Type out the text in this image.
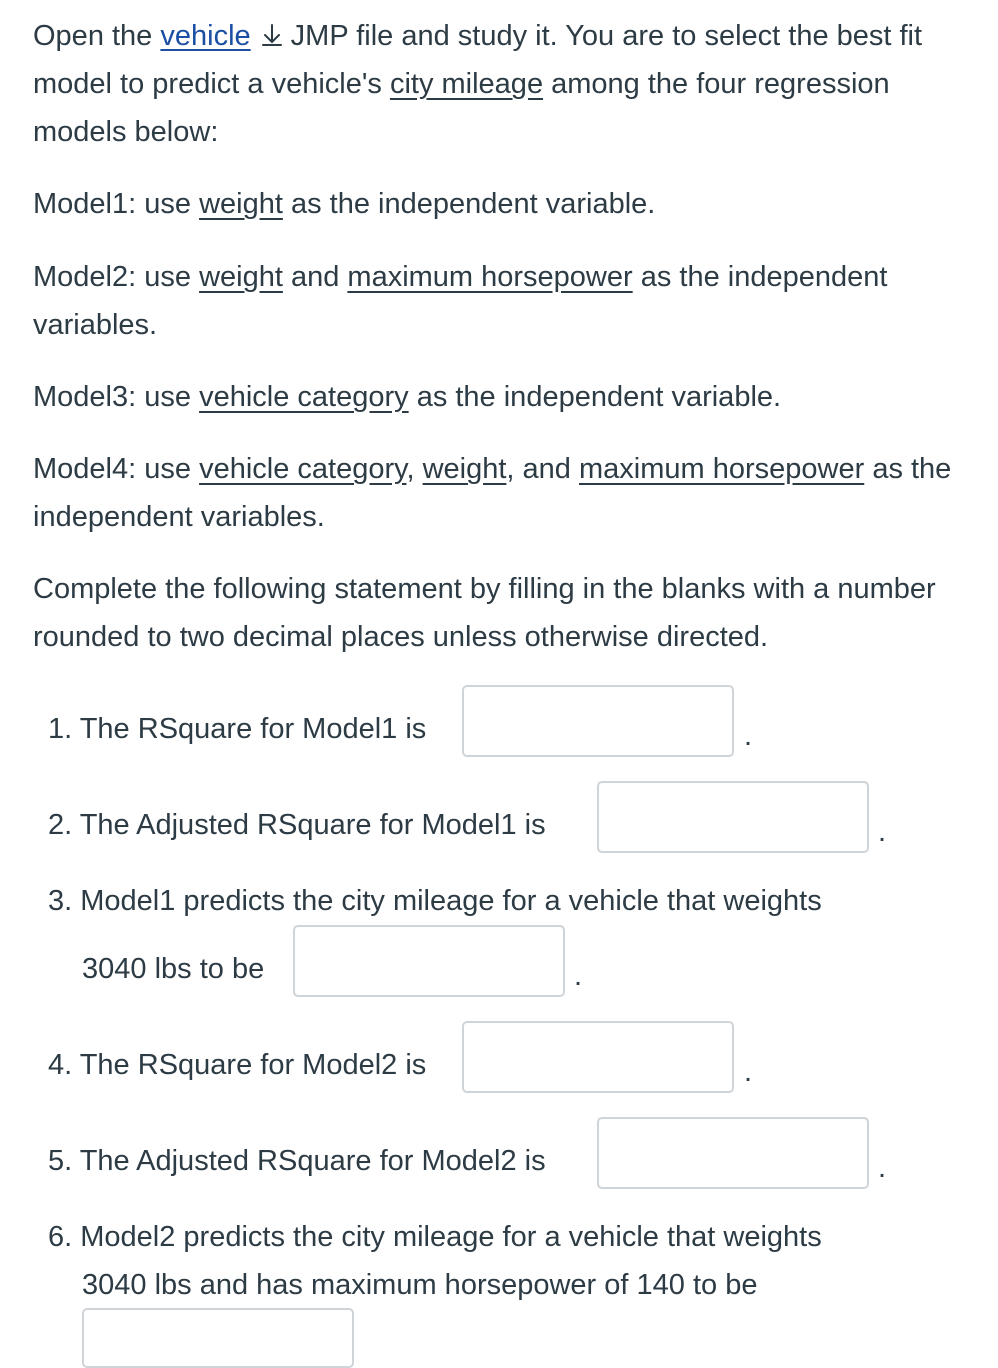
Open the vehicle JMP file and study it. You are to select the best fit model to predict a vehicle's city mileage among the four regression models below:

Model1: use weight as the independent variable.

Model2: use weight and maximum horsepower as the independent variables.

Model3: use vehicle category as the independent variable.

Model4: use vehicle category, weight, and maximum horsepower as the independent variables.

Complete the following statement by filling in the blanks with a number rounded to two decimal places unless otherwise directed.

1. The RSquare for Model1 is	.
2. The Adjusted RSquare for Model1 is	.
3. Model1 predicts the city mileage for a vehicle that weights
3040 lbs to be	.
4. The RSquare for Model2 is	.
5. The Adjusted RSquare for Model2 is	.
6. Model2 predicts the city mileage for a vehicle that weights
3040 lbs and has maximum horsepower of 140 to be
